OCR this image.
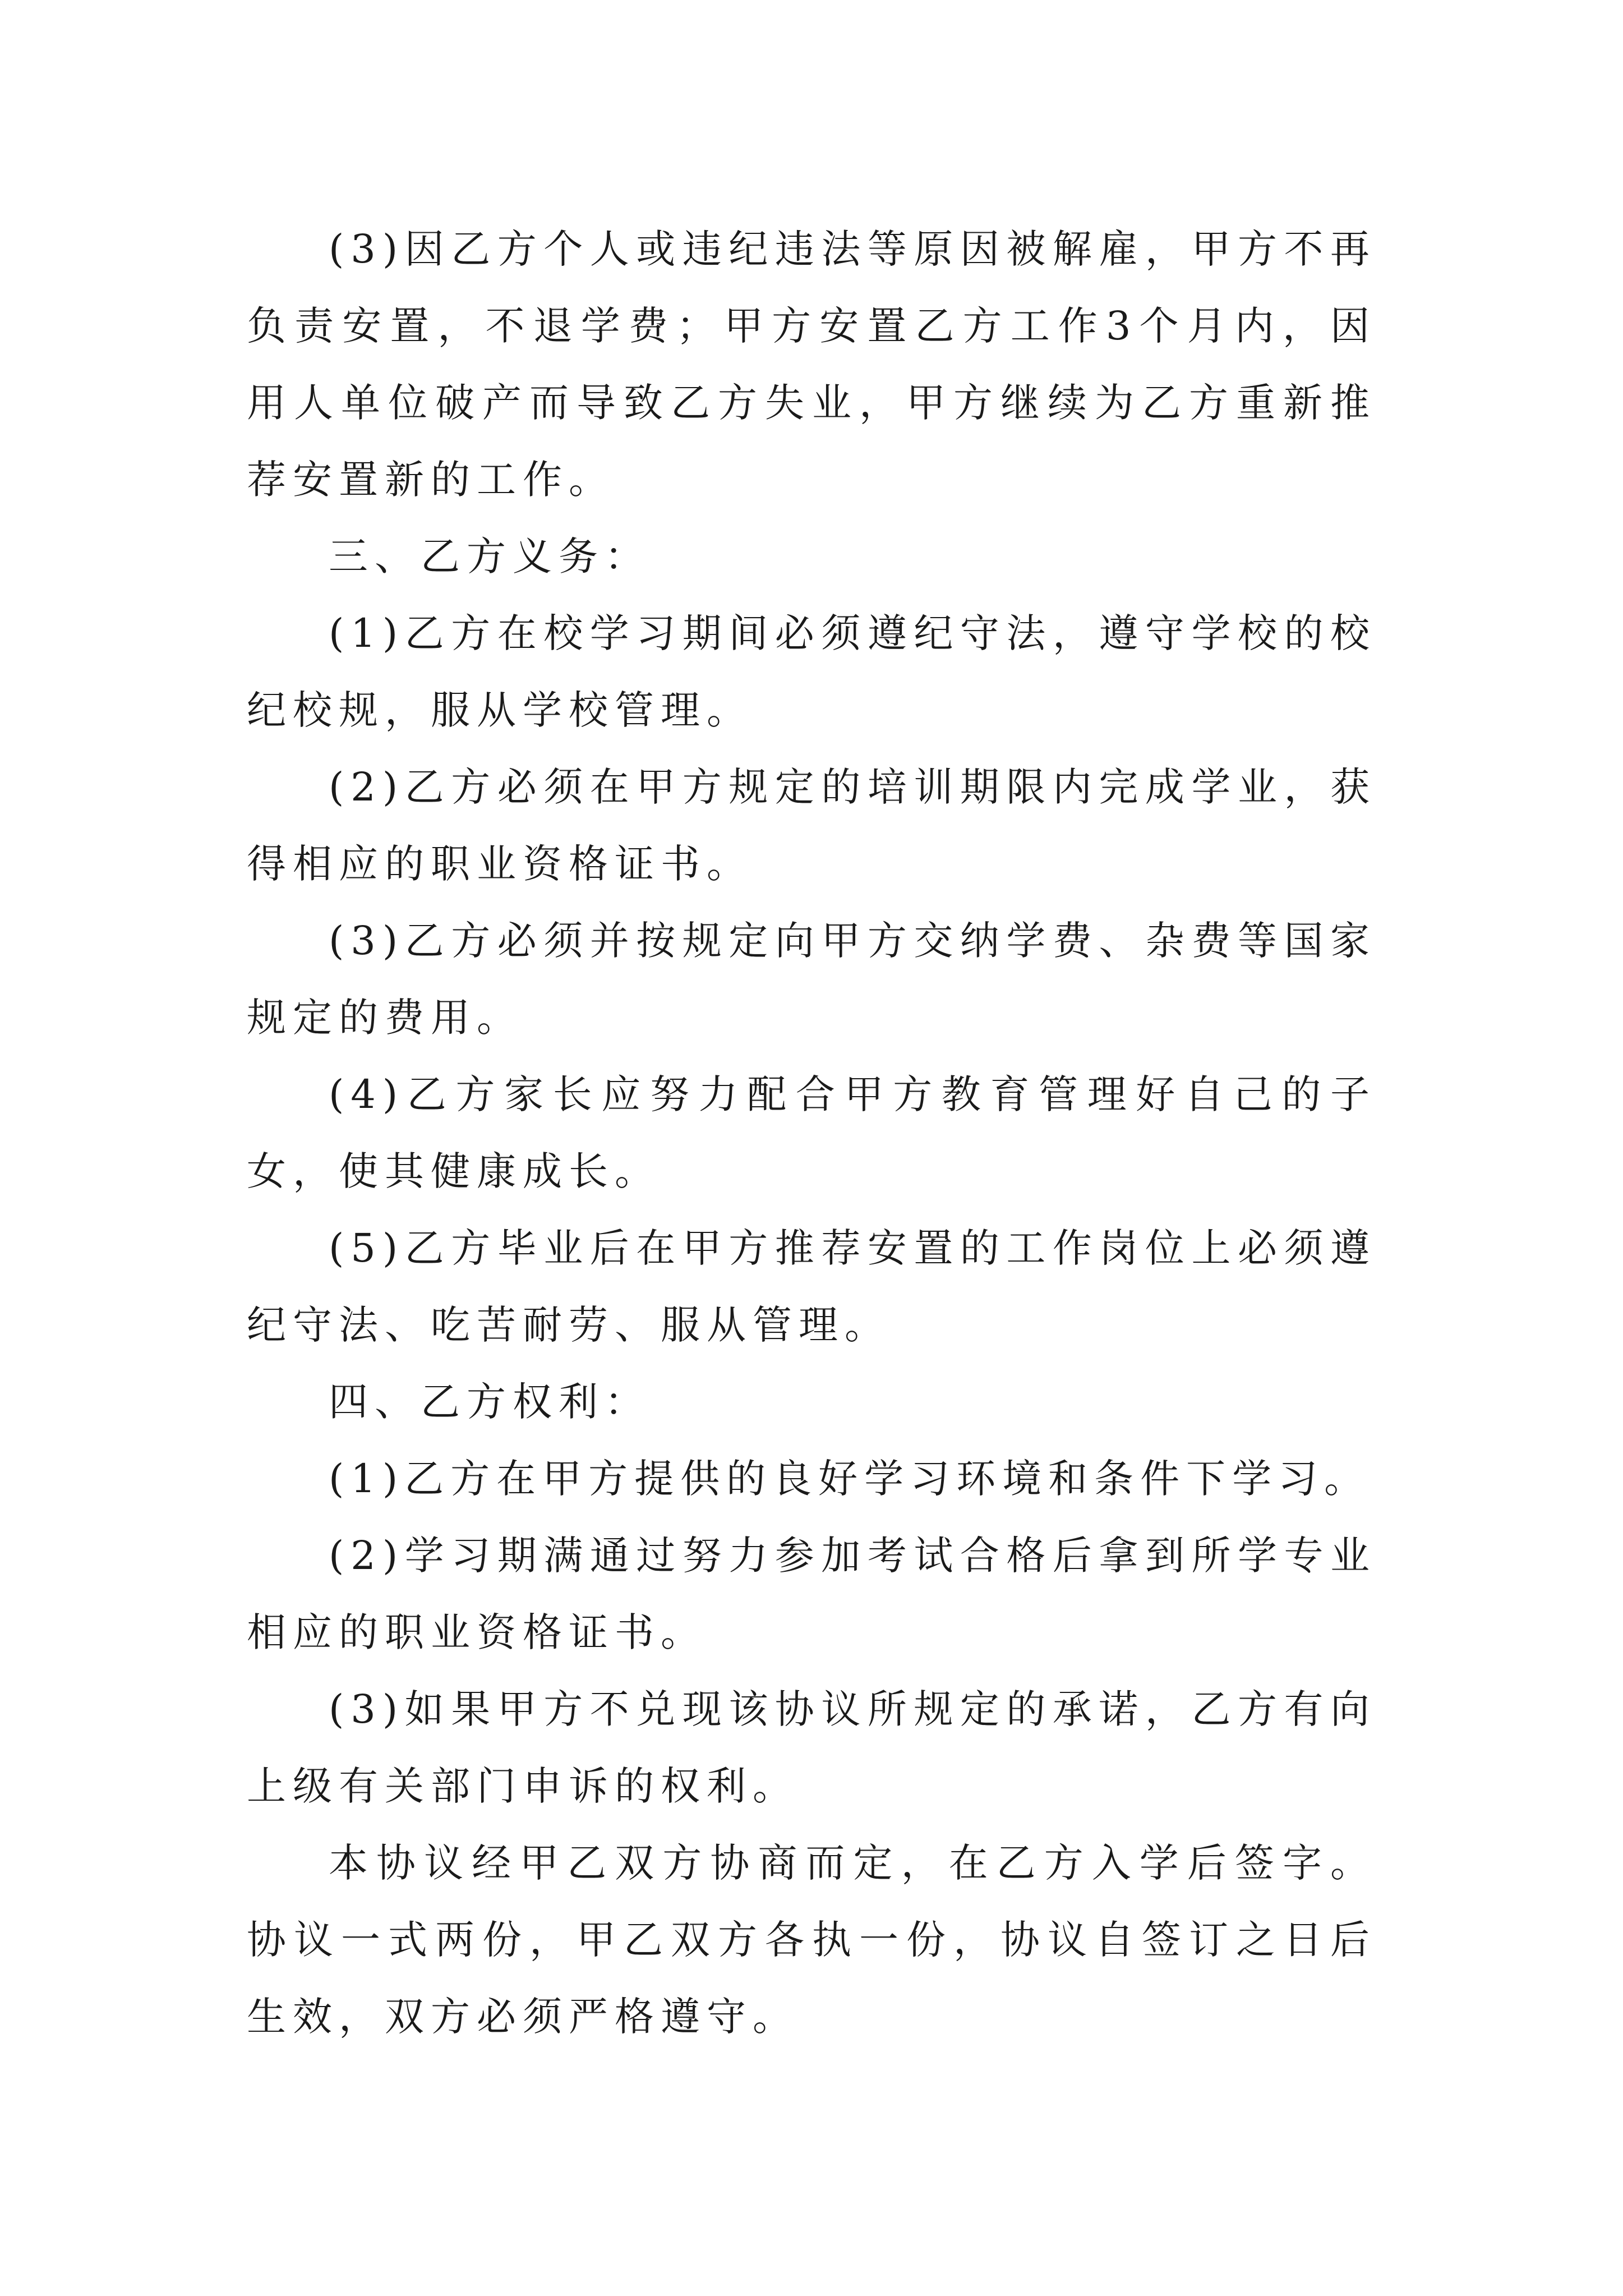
(3)因乙方个人或违纪违法等原因被解雇，甲方不再负责安置，不退学费；甲方安置乙方工作3个月内，因用人单位破产而导致乙方失业，甲方继续为乙方重新推荐安置新的工作。

三、乙方义务：

(1)乙方在校学习期间必须遵纪守法，遵守学校的校纪校规，服从学校管理。

(2)乙方必须在甲方规定的培训期限内完成学业，获得相应的职业资格证书。

(3)乙方必须并按规定向甲方交纳学费、杂费等国家规定的费用。

(4)乙方家长应努力配合甲方教育管理好自己的子女，使其健康成长。

(5)乙方毕业后在甲方推荐安置的工作岗位上必须遵纪守法、吃苦耐劳、服从管理。

四、乙方权利：

(1)乙方在甲方提供的良好学习环境和条件下学习。

(2)学习期满通过努力参加考试合格后拿到所学专业相应的职业资格证书。

(3)如果甲方不兑现该协议所规定的承诺，乙方有向上级有关部门申诉的权利。

本协议经甲乙双方协商而定，在乙方入学后签字。协议一式两份，甲乙双方各执一份，协议自签订之日后生效，双方必须严格遵守。
